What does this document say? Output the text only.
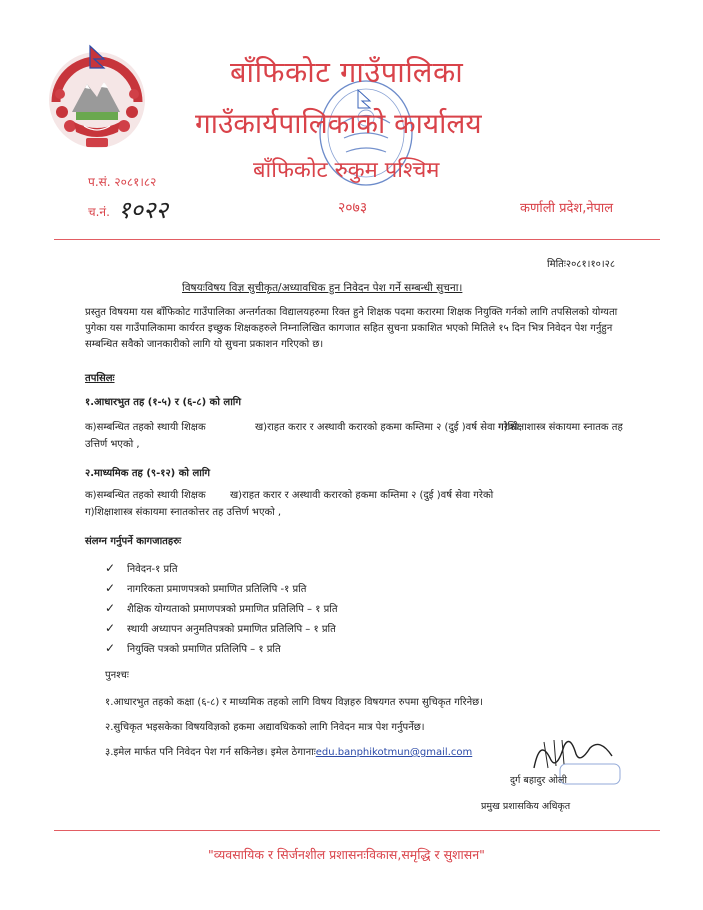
बाँफिकोट गाउँपालिका
गाउँकार्यपालिकाको कार्यालय
बाँफिकोट रुकुम पश्चिम
प.सं. २०८१।८२
च.नं. १०२२	२०७३	कर्णाली प्रदेश,नेपाल
मितिः२०८१।१०।२८
विषयःविषय विज्ञ सुचीकृत/अध्यावधिक हुन निवेदन पेश गर्ने सम्बन्धी सुचना।
प्रस्तुत विषयमा यस बाँफिकोट गाउँपालिका अन्तर्गतका विद्यालयहरुमा रिक्त हुने शिक्षक पदमा करारमा शिक्षक नियुक्ति गर्नको लागि तपसिलको योग्यता
पुगेका यस गाउँपालिकामा कार्यरत इच्छुक शिक्षकहरुले निम्नालिखित कागजात सहित सुचना प्रकाशित भएको मितिले १५ दिन भित्र निवेदन पेश गर्नुहुन
सम्बन्धित सवैको जानकारीको लागि यो सुचना प्रकाशन गरिएको छ।
तपसिलः
१.आधारभुत तह (१-५) र (६-८) को लागि
क)सम्बन्धित तहको स्थायी शिक्षक	ख)राहत करार र अस्थावी करारको हकमा कम्तिमा २ (दुई )वर्ष सेवा गरेको
ग)शिक्षाशास्त्र संकायमा स्नातक तह
उत्तिर्ण भएको ,
२.माध्यमिक तह (९-१२) को लागि
क)सम्बन्धित तहको स्थायी शिक्षक ख)राहत करार र अस्थावी करारको हकमा कम्तिमा २ (दुई )वर्ष सेवा गरेको
ग)शिक्षाशास्त्र संकायमा स्नातकोत्तर तह उत्तिर्ण भएको ,
संलग्न गर्नुपर्ने कागजातहरुः
✓ निवेदन-१ प्रति
✓ नागरिकता प्रमाणपत्रको प्रमाणित प्रतिलिपि -१ प्रति
✓ शैक्षिक योग्यताको प्रमाणपत्रको प्रमाणित प्रतिलिपि – १ प्रति
✓ स्थायी अध्यापन अनुमतिपत्रको प्रमाणित प्रतिलिपि – १ प्रति
✓ नियुक्ति पत्रको प्रमाणित प्रतिलिपि – १ प्रति
पुनश्चः
१.आधारभुत तहको कक्षा (६-८) र माध्यमिक तहको लागि विषय विज्ञहरु विषयगत रुपमा सुचिकृत गरिनेछ।
२.सुचिकृत भइसकेका विषयविज्ञको हकमा अद्यावधिकको लागि निवेदन मात्र पेश गर्नुपर्नेछ।
३.इमेल मार्फत पनि निवेदन पेश गर्न सकिनेछ। इमेल ठेगानाःedu.banphikotmun@gmail.com
दुर्ग बहादुर ओली
प्रमुख प्रशासकिय अधिकृत
"व्यवसायिक र सिर्जनशील प्रशासनःविकास,समृद्धि र सुशासन"
